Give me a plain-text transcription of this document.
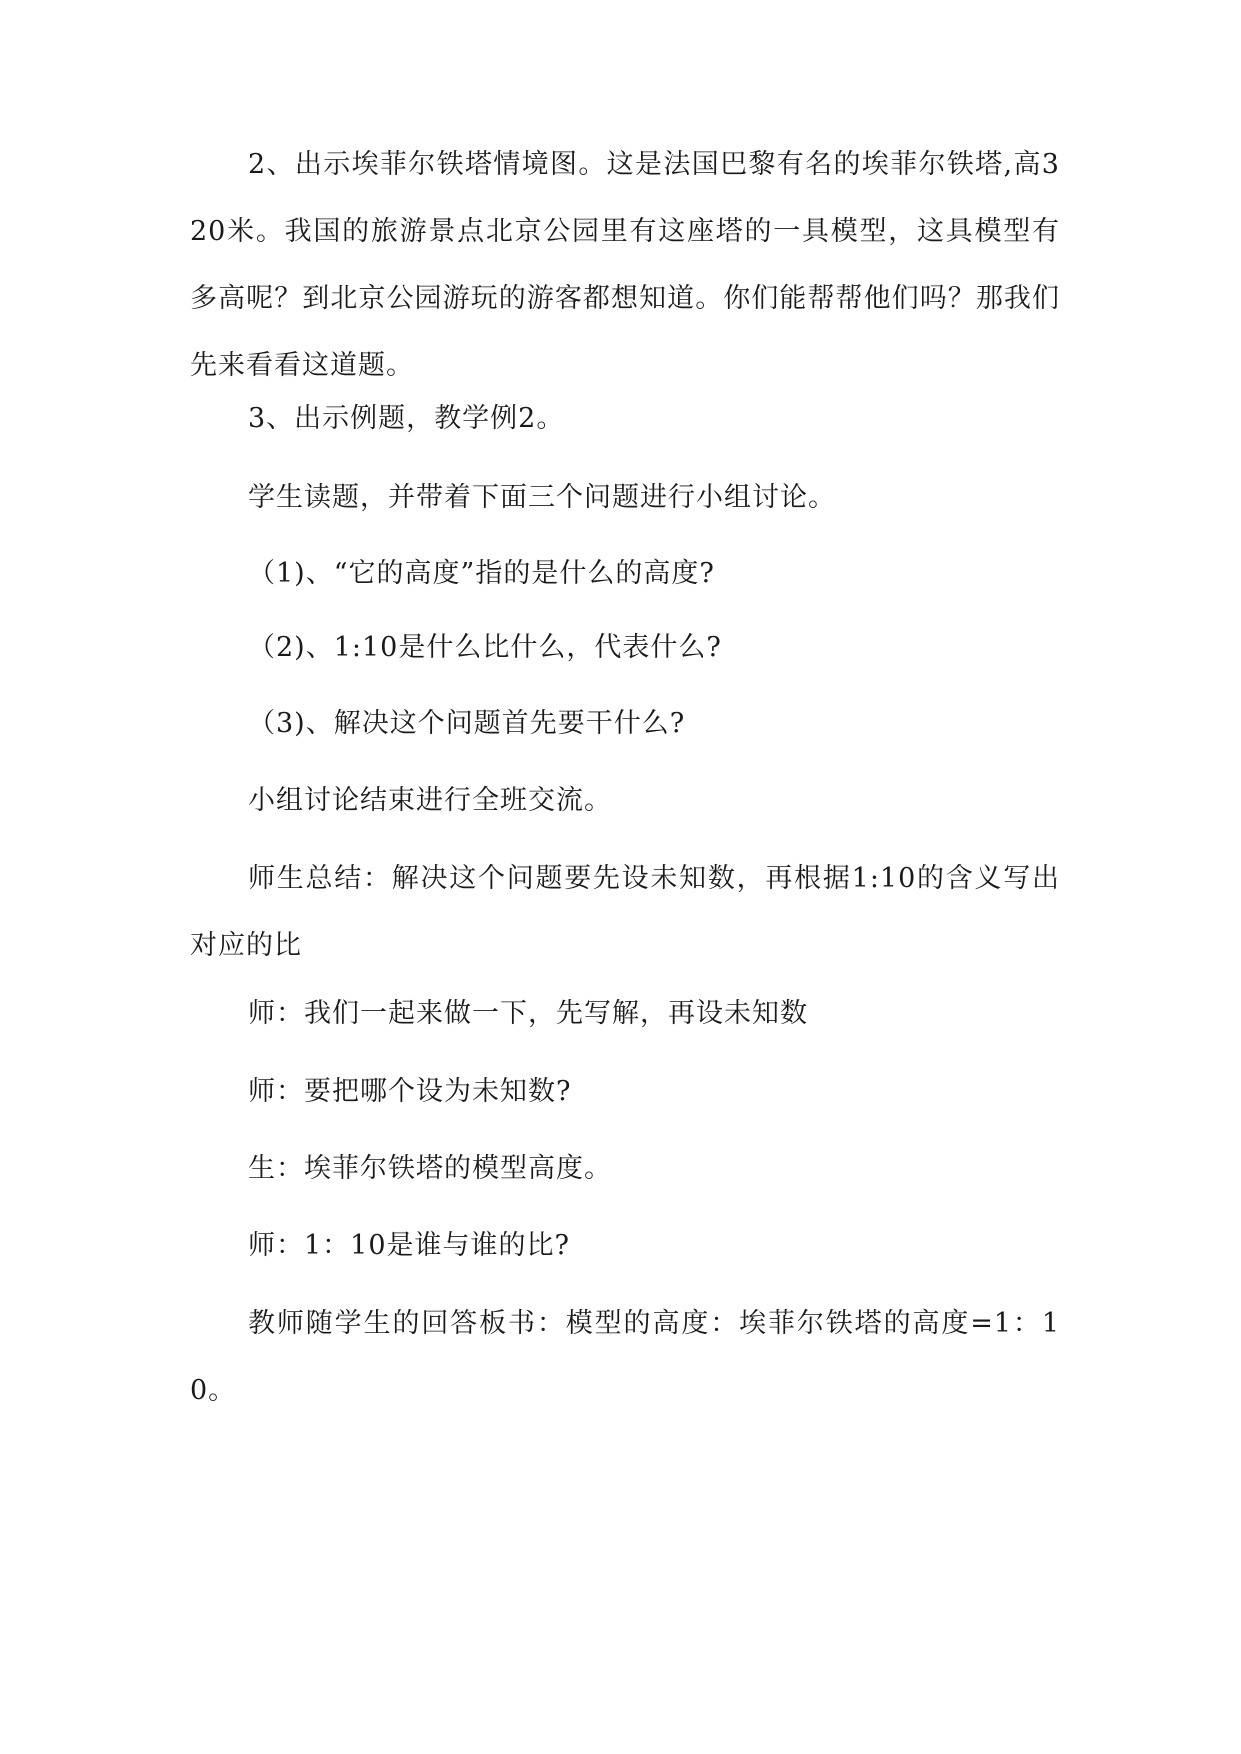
2、出示埃菲尔铁塔情境图。这是法国巴黎有名的埃菲尔铁塔,高320米。我国的旅游景点北京公园里有这座塔的一具模型，这具模型有多高呢？到北京公园游玩的游客都想知道。你们能帮帮他们吗？那我们先来看看这道题。

3、出示例题，教学例2。

学生读题，并带着下面三个问题进行小组讨论。

（1)、“它的高度”指的是什么的高度?

（2)、1:10是什么比什么，代表什么?

（3)、解决这个问题首先要干什么?

小组讨论结束进行全班交流。

师生总结：解决这个问题要先设未知数，再根据1:10的含义写出对应的比

师：我们一起来做一下，先写解，再设未知数

师：要把哪个设为未知数?

生：埃菲尔铁塔的模型高度。

师：1：10是谁与谁的比?

教师随学生的回答板书：模型的高度：埃菲尔铁塔的高度=1：10。
